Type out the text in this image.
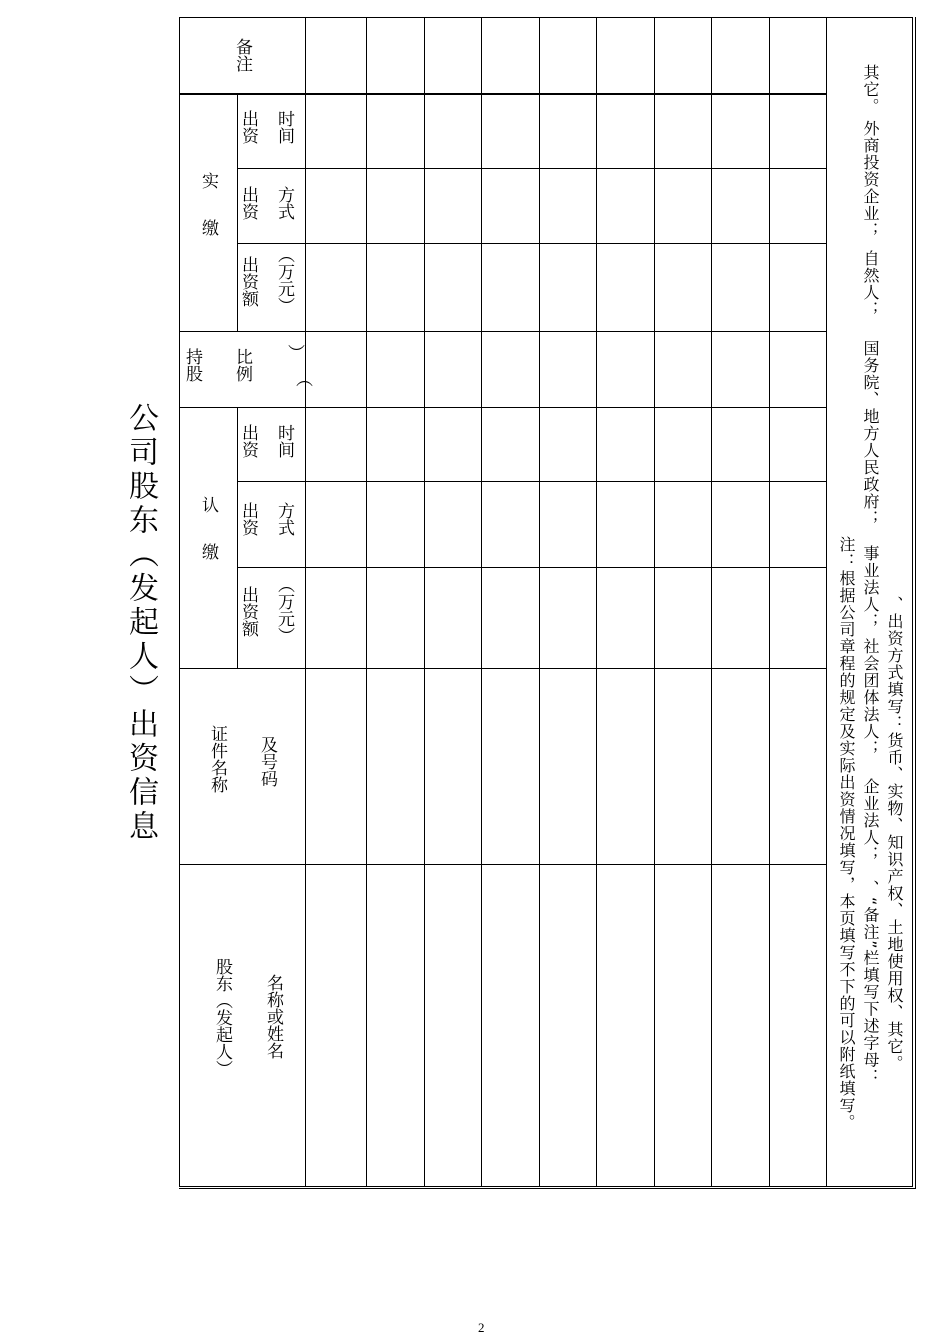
公司股东（发起人）出资信息
备注
实缴
时间
出资
方式
出资
（万元）
出资额
持股 比例 ）
（
认缴
时间
出资
方式
出资
（万元）
出资额
及号码
证件名称
名称或姓名
股东（发起人）	、出资方式填写：货币、实物、知识产权、土地使用权、其它。
其它。
外商投资企业；
自然人；
国务院、地方人民政府；
事业法人；
社会团体法人；
企业法人；
、“备注”栏填写下述字母：
注：根据公司章程的规定及实际出资情况填写，本页填写不下的可以附纸填写。
2
